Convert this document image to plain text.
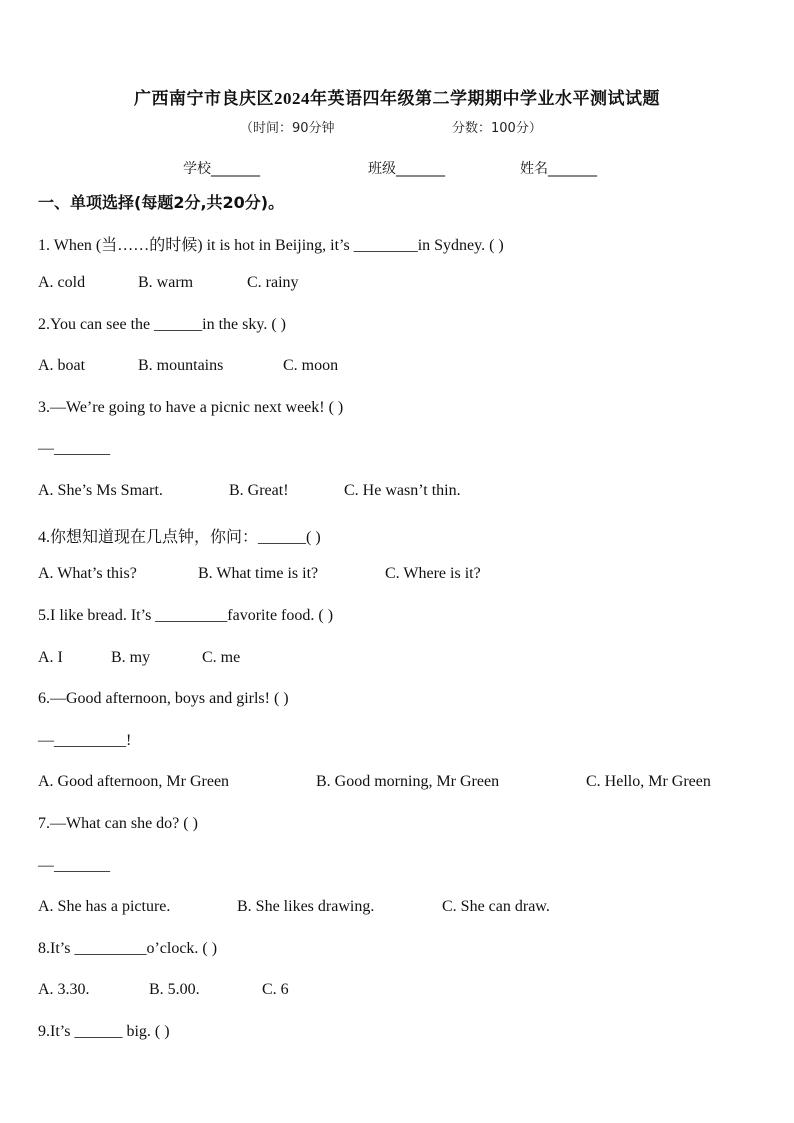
广西南宁市良庆区2024年英语四年级第二学期期中学业水平测试试题
（时间：90分钟	分数：100分）
学校_______	班级_______	姓名_______
一、单项选择(每题2分,共20分)。
1. When (当……的时候) it is hot in Beijing, it’s ________in Sydney. ( )
A. cold	B. warm	C. rainy
2.You can see the ______in the sky. ( )
A. boat	B. mountains	C. moon
3.—We’re going to have a picnic next week! ( )
—_______
A. She’s Ms Smart.	B. Great!	C. He wasn’t thin.
4.你想知道现在几点钟，你问：______( )
A. What’s this?	B. What time is it?	C. Where is it?
5.I like bread. It’s _________favorite food. ( )
A. I	B. my	C. me
6.—Good afternoon, boys and girls! ( )
—_________!
A. Good afternoon, Mr Green	B. Good morning, Mr Green	C. Hello, Mr Green
7.—What can she do? ( )
—_______
A. She has a picture.	B. She likes drawing.	C. She can draw.
8.It’s _________o’clock. ( )
A. 3.30.	B. 5.00.	C. 6
9.It’s ______ big. ( )
